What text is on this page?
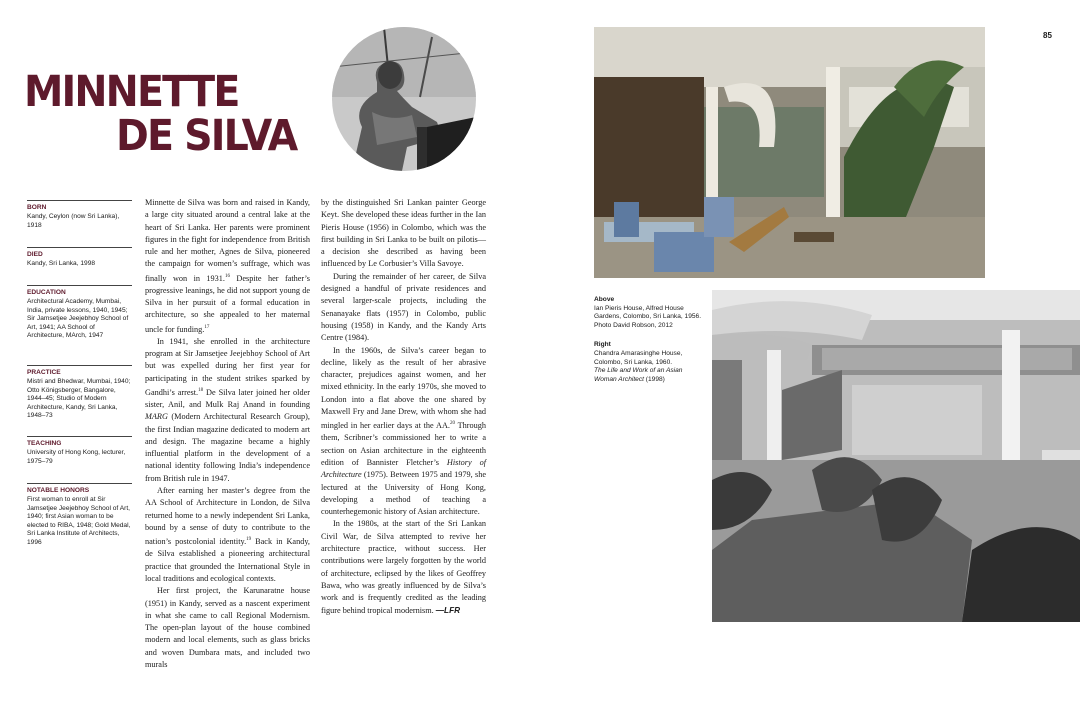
85
MINNETTE
DE SILVA

BORN

Kandy, Ceylon (now Sri Lanka), 1918

DIED

Kandy, Sri Lanka, 1998

EDUCATION

Architectural Academy, Mumbai, India, private lessons, 1940, 1945; Sir Jamsetjee Jeejebhoy School of Art, 1941; AA School of Architecture, MArch, 1947

PRACTICE

Mistri and Bhedwar, Mumbai, 1940; Otto Königsberger, Bangalore, 1944–45; Studio of Modern Architecture, Kandy, Sri Lanka, 1948–73

TEACHING

University of Hong Kong, lecturer, 1975–79

NOTABLE HONORS

First woman to enroll at Sir Jamsetjee Jeejebhoy School of Art, 1940; first Asian woman to be elected to RIBA, 1948; Gold Medal, Sri Lanka Institute of Architects, 1996

Minnette de Silva was born and raised in Kandy, a large city situated around a central lake at the heart of Sri Lanka. Her parents were prominent figures in the fight for independence from British rule and her mother, Agnes de Silva, pioneered the campaign for women’s suffrage, which was finally won in 1931.16 Despite her father’s progressive leanings, he did not support young de Silva in her pursuit of a formal education in architecture, so she appealed to her maternal uncle for funding.$^{17}$

In 1941, she enrolled in the architecture program at Sir Jamsetjee Jeejebhoy School of Art but was expelled during her first year for participating in the student strikes sparked by Gandhi’s arrest.$^{18}$ De Silva later joined her older sister, Anil, and Mulk Raj Anand in founding MARG (Modern Architectural Research Group), the first Indian magazine dedicated to modern art and design. The magazine became a highly influential platform in the development of a national identity following India’s independence from British rule in 1947.

After earning her master’s degree from the AA School of Architecture in London, de Silva returned home to a newly independent Sri Lanka, bound by a sense of duty to contribute to the nation’s postcolonial identity.$^{19}$ Back in Kandy, de Silva established a pioneering architectural practice that grounded the International Style in local traditions and ecological contexts.

Her first project, the Karunaratne house (1951) in Kandy, served as a nascent experiment in what she came to call Regional Modernism. The open-plan layout of the house combined modern and local elements, such as glass bricks and woven Dumbara mats, and included two murals

by the distinguished Sri Lankan painter George Keyt. She developed these ideas further in the Ian Pieris House (1956) in Colombo, which was the first building in Sri Lanka to be built on pilotis—a decision she described as having been influenced by Le Corbusier’s Villa Savoye.

During the remainder of her career, de Silva designed a handful of private residences and several larger-scale projects, including the Senanayake flats (1957) in Colombo, public housing (1958) in Kandy, and the Kandy Arts Centre (1984).

In the 1960s, de Silva’s career began to decline, likely as the result of her abrasive character, prejudices against women, and her mixed ethnicity. In the early 1970s, she moved to London into a flat above the one shared by Maxwell Fry and Jane Drew, with whom she had mingled in her earlier days at the AA.$^{20}$ Through them, Scribner’s commissioned her to write a section on Asian architecture in the eighteenth edition of Bannister Fletcher’s History of Architecture (1975). Between 1975 and 1979, she lectured at the University of Hong Kong, developing a method of teaching a counterhegemonic history of Asian architecture.

In the 1980s, at the start of the Sri Lankan Civil War, de Silva attempted to revive her architecture practice, without success. Her contributions were largely forgotten by the world of architecture, eclipsed by the likes of Geoffrey Bawa, who was greatly influenced by de Silva’s work and is frequently credited as the leading figure behind tropical modernism. —LFR

Above

Ian Pieris House, Alfred House Gardens, Colombo, Sri Lanka, 1956. Photo David Robson, 2012

Right

Chandra Amarasinghe House, Colombo, Sri Lanka, 1960.
The Life and Work of an Asian Woman Architect (1998)
